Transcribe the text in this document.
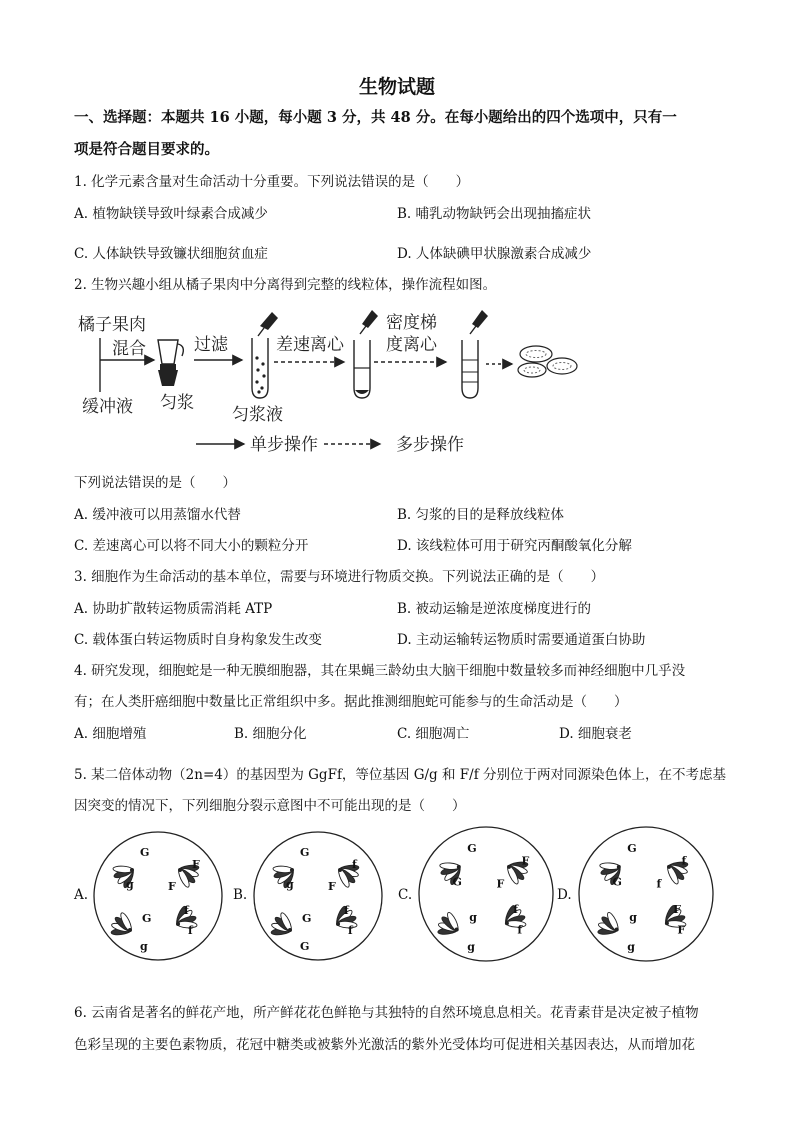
生物试题
一、选择题：本题共 16 小题，每小题 3 分，共 48 分。在每小题给出的四个选项中，只有一
项是符合题目要求的。
1. 化学元素含量对生命活动十分重要。下列说法错误的是（　　）
A. 植物缺镁导致叶绿素合成减少	B. 哺乳动物缺钙会出现抽搐症状
C. 人体缺铁导致镰状细胞贫血症	D. 人体缺碘甲状腺激素合成减少
2. 生物兴趣小组从橘子果肉中分离得到完整的线粒体，操作流程如图。
橘子果肉
混合
缓冲液 匀浆
过滤
匀浆液
差速离心
密度梯
度离心
单步操作	多步操作
下列说法错误的是（　　）
A. 缓冲液可以用蒸馏水代替	B. 匀浆的目的是释放线粒体
C. 差速离心可以将不同大小的颗粒分开	D. 该线粒体可用于研究丙酮酸氧化分解
3. 细胞作为生命活动的基本单位，需要与环境进行物质交换。下列说法正确的是（　　）
A. 协助扩散转运物质需消耗 ATP	B. 被动运输是逆浓度梯度进行的
C. 载体蛋白转运物质时自身构象发生改变	D. 主动运输转运物质时需要通道蛋白协助
4. 研究发现，细胞蛇是一种无膜细胞器，其在果蝇三龄幼虫大脑干细胞中数量较多而神经细胞中几乎没
有；在人类肝癌细胞中数量比正常组织中多。据此推测细胞蛇可能参与的生命活动是（　　）
A. 细胞增殖	B. 细胞分化	C. 细胞凋亡	D. 细胞衰老
5. 某二倍体动物（2n=4）的基因型为 GgFf，等位基因 G/g 和 F/f 分别位于两对同源染色体上，在不考虑基
因突变的情况下，下列细胞分裂示意图中不可能出现的是（　　）
A.	B.	C.	D.
G
g
F
F
f
f
G
g
G
g
f
F
f
f
G
G
G
G
F
F
f
f
g
g
G
G
f
f
F
F
g
g
6. 云南省是著名的鲜花产地，所产鲜花花色鲜艳与其独特的自然环境息息相关。花青素苷是决定被子植物
色彩呈现的主要色素物质，花冠中糖类或被紫外光激活的紫外光受体均可促进相关基因表达，从而增加花
